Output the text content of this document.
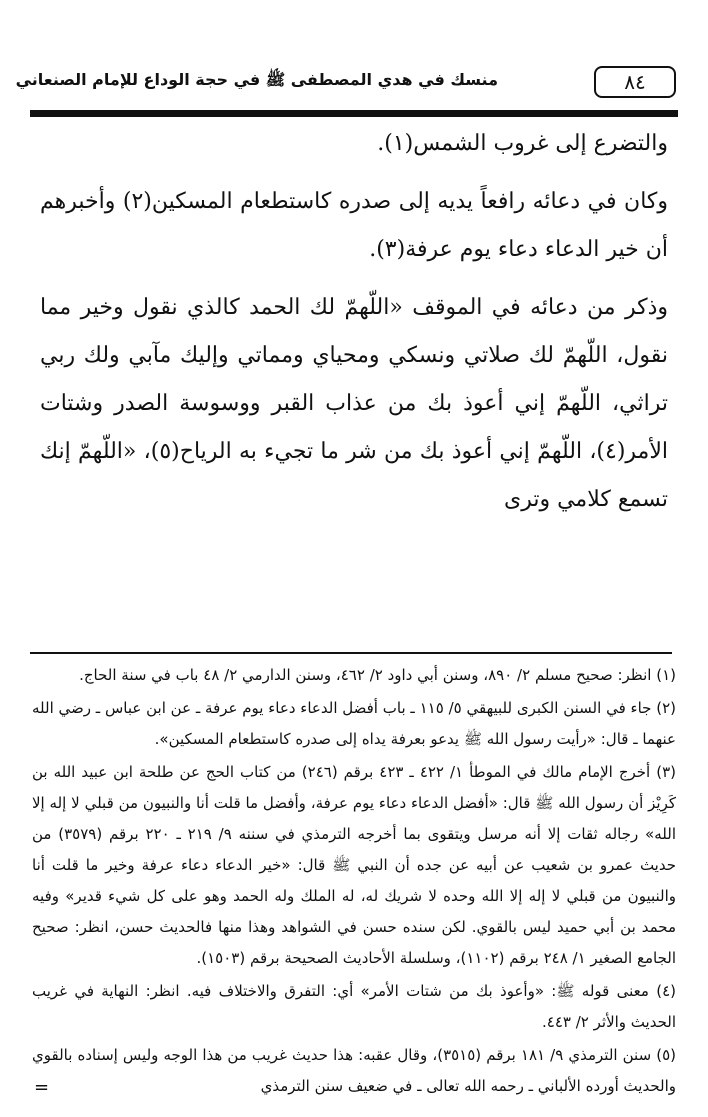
٨٤
منسك في هدي المصطفى ﷺ في حجة الوداع للإمام الصنعاني

والتضرع إلى غروب الشمس(١).

وكان في دعائه رافعاً يديه إلى صدره كاستطعام المسكين(٢) وأخبرهم أن خير الدعاء دعاء يوم عرفة(٣).

وذكر من دعائه في الموقف «اللّهمّ لك الحمد كالذي نقول وخير مما نقول، اللّهمّ لك صلاتي ونسكي ومحياي ومماتي وإليك مآبي ولك ربي تراثي، اللّهمّ إني أعوذ بك من عذاب القبر ووسوسة الصدر وشتات الأمر(٤)، اللّهمّ إني أعوذ بك من شر ما تجيء به الرياح(٥)، «اللّهمّ إنك تسمع كلامي وترى

(١) انظر: صحيح مسلم ٢/ ٨٩٠، وسنن أبي داود ٢/ ٤٦٢، وسنن الدارمي ٢/ ٤٨ باب في سنة الحاج.

(٢) جاء في السنن الكبرى للبيهقي ٥/ ١١٥ ـ باب أفضل الدعاء دعاء يوم عرفة ـ عن ابن عباس ـ رضي الله عنهما ـ قال: «رأيت رسول الله ﷺ يدعو بعرفة يداه إلى صدره كاستطعام المسكين».

(٣) أخرج الإمام مالك في الموطأ ١/ ٤٢٢ ـ ٤٢٣ برقم (٢٤٦) من كتاب الحج عن طلحة ابن عبيد الله بن كَرِيْز أن رسول الله ﷺ قال: «أفضل الدعاء دعاء يوم عرفة، وأفضل ما قلت أنا والنبيون من قبلي لا إله إلا الله» رجاله ثقات إلا أنه مرسل ويتقوى بما أخرجه الترمذي في سننه ٩/ ٢١٩ ـ ٢٢٠ برقم (٣٥٧٩) من حديث عمرو بن شعيب عن أبيه عن جده أن النبي ﷺ قال: «خير الدعاء دعاء عرفة وخير ما قلت أنا والنبيون من قبلي لا إله إلا الله وحده لا شريك له، له الملك وله الحمد وهو على كل شيء قدير» وفيه محمد بن أبي حميد ليس بالقوي. لكن سنده حسن في الشواهد وهذا منها فالحديث حسن، انظر: صحيح الجامع الصغير ١/ ٢٤٨ برقم (١١٠٢)، وسلسلة الأحاديث الصحيحة برقم (١٥٠٣).

(٤) معنى قوله ﷺ: «وأعوذ بك من شتات الأمر» أي: التفرق والاختلاف فيه. انظر: النهاية في غريب الحديث والأثر ٢/ ٤٤٣.

(٥) سنن الترمذي ٩/ ١٨١ برقم (٣٥١٥)، وقال عقبه: هذا حديث غريب من هذا الوجه وليس إسناده بالقوي والحديث أورده الألباني ـ رحمه الله تعالى ـ في ضعيف سنن الترمذي

=
